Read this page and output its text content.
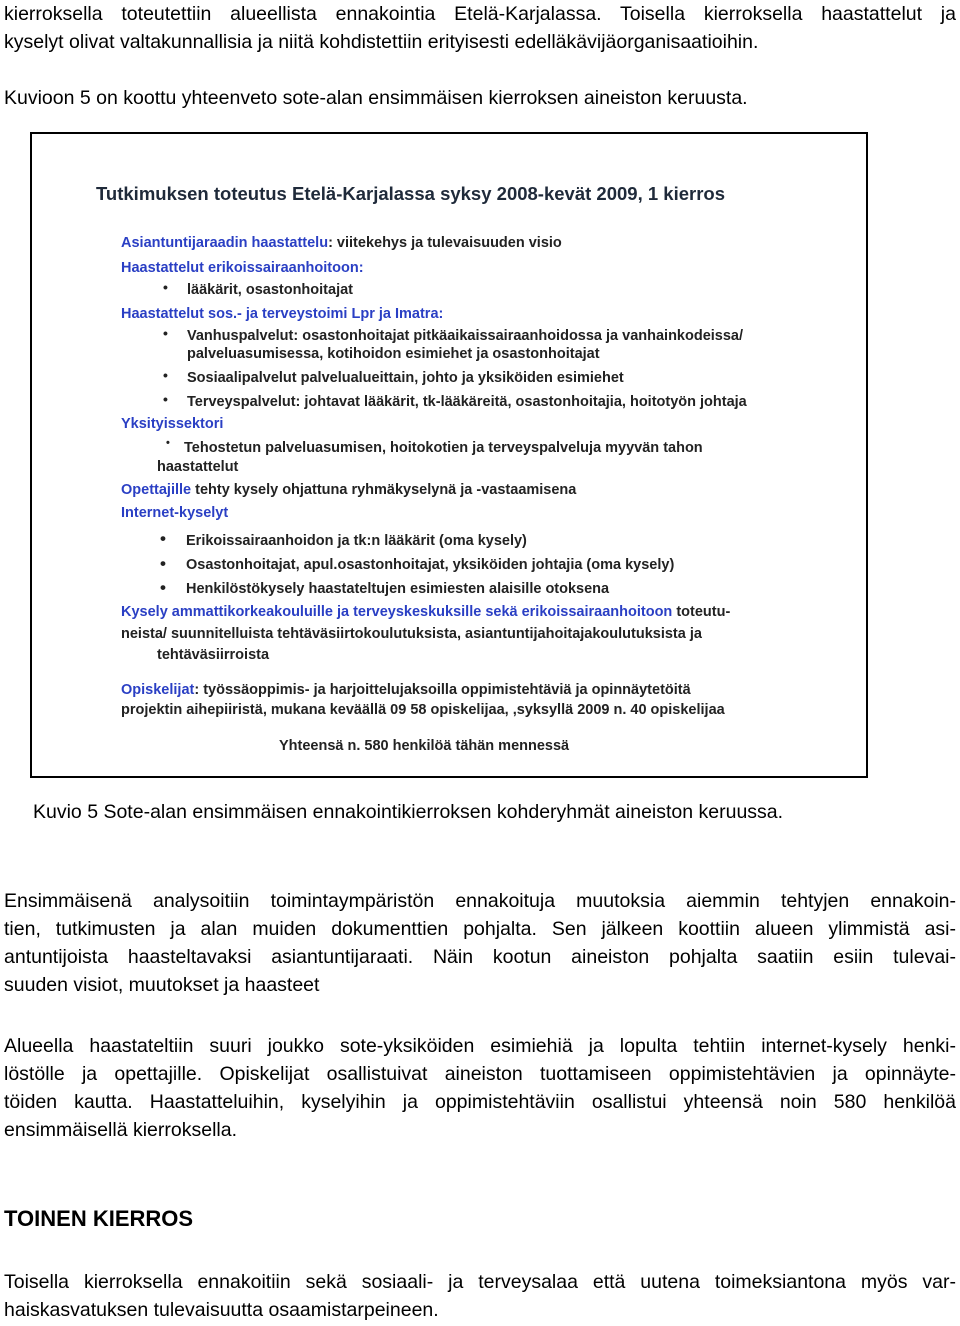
kierroksella toteutettiin alueellista ennakointia Etelä-Karjalassa. Toisella kierroksella haastattelut ja
kyselyt olivat valtakunnallisia ja niitä kohdistettiin erityisesti edelläkävijäorganisaatioihin.
Kuvioon 5 on koottu yhteenveto sote-alan ensimmäisen kierroksen aineiston keruusta.
Tutkimuksen toteutus Etelä-Karjalassa syksy 2008-kevät 2009, 1 kierros
Asiantuntijaraadin haastattelu: viitekehys ja tulevaisuuden visio
Haastattelut erikoissairaanhoitoon:
• lääkärit, osastonhoitajat
Haastattelut sos.- ja terveystoimi Lpr ja Imatra:
• Vanhuspalvelut: osastonhoitajat pitkäaikaissairaanhoidossa ja vanhainkodeissa/
palveluasumisessa, kotihoidon esimiehet ja osastonhoitajat
• Sosiaalipalvelut palvelualueittain, johto ja yksiköiden esimiehet
• Terveyspalvelut: johtavat lääkärit, tk-lääkäreitä, osastonhoitajia, hoitotyön johtaja
Yksityissektori
• Tehostetun palveluasumisen, hoitokotien ja terveyspalveluja myyvän tahon
haastattelut
Opettajille tehty kysely ohjattuna ryhmäkyselynä ja -vastaamisena
Internet-kyselyt
• Erikoissairaanhoidon ja tk:n lääkärit (oma kysely)
• Osastonhoitajat, apul.osastonhoitajat, yksiköiden johtajia (oma kysely)
• Henkilöstökysely haastateltujen esimiesten alaisille otoksena
Kysely ammattikorkeakouluille ja terveyskeskuksille sekä erikoissairaanhoitoon toteutu-
neista/ suunnitelluista tehtäväsiirtokoulutuksista, asiantuntijahoitajakoulutuksista ja
tehtäväsiirroista
Opiskelijat: työssäoppimis- ja harjoittelujaksoilla oppimistehtäviä ja opinnäytetöitä
projektin aihepiiristä, mukana keväällä 09 58 opiskelijaa, ,syksyllä 2009 n. 40 opiskelijaa
Yhteensä n. 580 henkilöä tähän mennessä
Kuvio 5 Sote-alan ensimmäisen ennakointikierroksen kohderyhmät aineiston keruussa.
Ensimmäisenä analysoitiin toimintaympäristön ennakoituja muutoksia aiemmin tehtyjen ennakoin-
tien, tutkimusten ja alan muiden dokumenttien pohjalta. Sen jälkeen koottiin alueen ylimmistä asi-
antuntijoista haasteltavaksi asiantuntijaraati. Näin kootun aineiston pohjalta saatiin esiin tulevai-
suuden visiot, muutokset ja haasteet
Alueella haastateltiin suuri joukko sote-yksiköiden esimiehiä ja lopulta tehtiin internet-kysely henki-
löstölle ja opettajille. Opiskelijat osallistuivat aineiston tuottamiseen oppimistehtävien ja opinnäyte-
töiden kautta. Haastatteluihin, kyselyihin ja oppimistehtäviin osallistui yhteensä noin 580 henkilöä
ensimmäisellä kierroksella.
TOINEN KIERROS
Toisella kierroksella ennakoitiin sekä sosiaali- ja terveysalaa että uutena toimeksiantona myös var-
haiskasvatuksen tulevaisuutta osaamistarpeineen.
